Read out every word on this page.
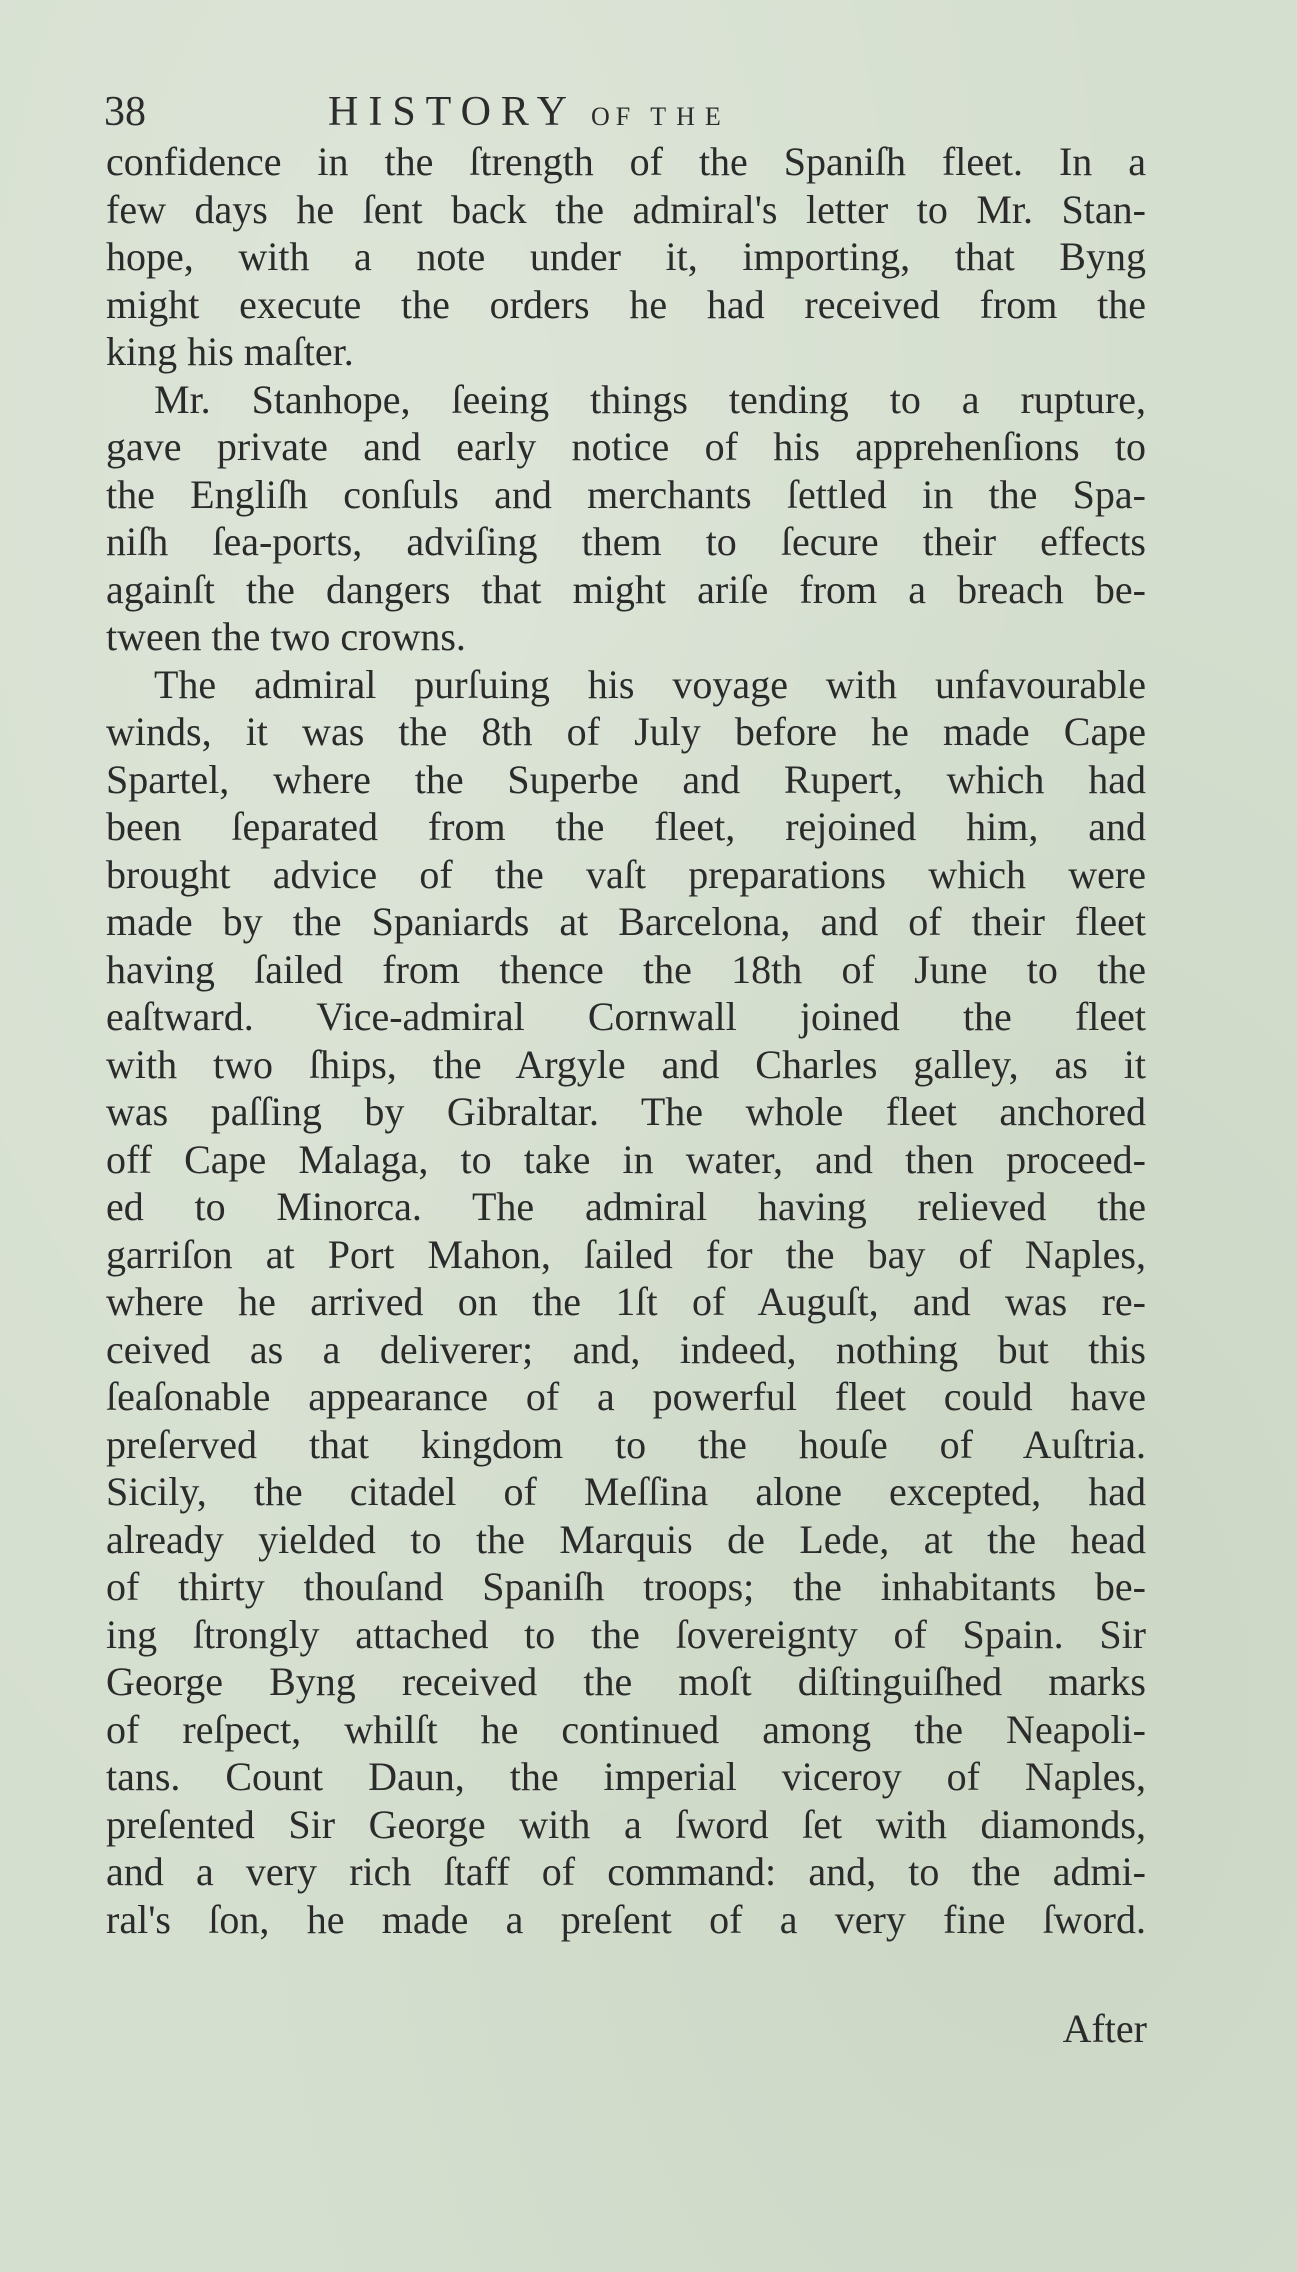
38	HISTORY OF THE
confidence in the ſtrength of the Spaniſh fleet. In a
few days he ſent back the admiral's letter to Mr. Stan-
hope, with a note under it, importing, that Byng
might execute the orders he had received from the
king his maſter.
Mr. Stanhope, ſeeing things tending to a rupture,
gave private and early notice of his apprehenſions to
the Engliſh conſuls and merchants ſettled in the Spa-
niſh ſea-ports, adviſing them to ſecure their effects
againſt the dangers that might ariſe from a breach be-
tween the two crowns.
The admiral purſuing his voyage with unfavourable
winds, it was the 8th of July before he made Cape
Spartel, where the Superbe and Rupert, which had
been ſeparated from the fleet, rejoined him, and
brought advice of the vaſt preparations which were
made by the Spaniards at Barcelona, and of their fleet
having ſailed from thence the 18th of June to the
eaſtward. Vice-admiral Cornwall joined the fleet
with two ſhips, the Argyle and Charles galley, as it
was paſſing by Gibraltar. The whole fleet anchored
off Cape Malaga, to take in water, and then proceed-
ed to Minorca. The admiral having relieved the
garriſon at Port Mahon, ſailed for the bay of Naples,
where he arrived on the 1ſt of Auguſt, and was re-
ceived as a deliverer; and, indeed, nothing but this
ſeaſonable appearance of a powerful fleet could have
preſerved that kingdom to the houſe of Auſtria.
Sicily, the citadel of Meſſina alone excepted, had
already yielded to the Marquis de Lede, at the head
of thirty thouſand Spaniſh troops; the inhabitants be-
ing ſtrongly attached to the ſovereignty of Spain. Sir
George Byng received the moſt diſtinguiſhed marks
of reſpect, whilſt he continued among the Neapoli-
tans. Count Daun, the imperial viceroy of Naples,
preſented Sir George with a ſword ſet with diamonds,
and a very rich ſtaff of command: and, to the admi-
ral's ſon, he made a preſent of a very fine ſword.
After
